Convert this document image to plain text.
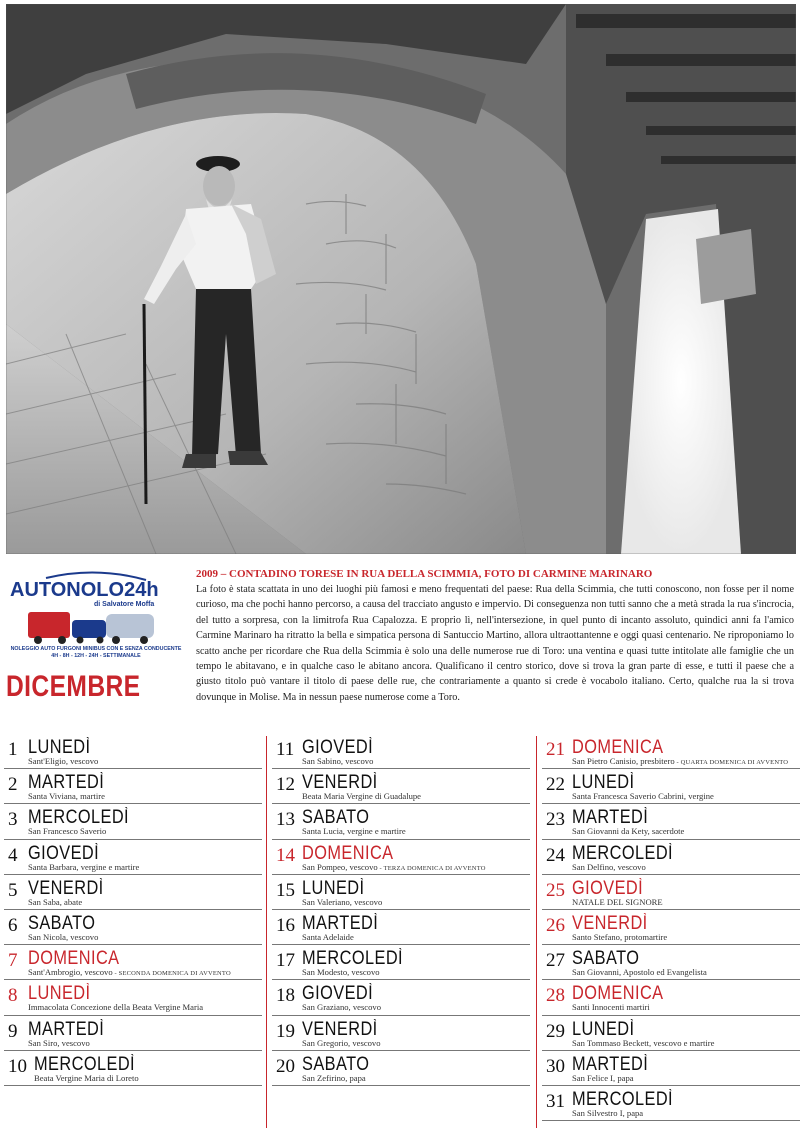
AUTONOLO24h
di Salvatore Moffa
NOLEGGIO AUTO FURGONI MINIBUS CON E SENZA CONDUCENTE
4H - 8H - 12H - 24H - SETTIMANALE
DICEMBRE

2009 – CONTADINO TORESE IN RUA DELLA SCIMMIA, FOTO DI CARMINE MARINARO

La foto è stata scattata in uno dei luoghi più famosi e meno frequentati del paese: Rua della Scimmia, che tutti conoscono, non fosse per il nome curioso, ma che pochi hanno percorso, a causa del tracciato angusto e impervio. Di conseguenza non tutti sanno che a metà strada la rua s'incrocia, del tutto a sorpresa, con la limitrofa Rua Capalozza. E proprio lì, nell'intersezione, in quel punto di incanto assoluto, quindici anni fa l'amico Carmine Marinaro ha ritratto la bella e simpatica persona di Santuccio Martino, allora ultraottantenne e oggi quasi centenario. Ne riproponiamo lo scatto anche per ricordare che Rua della Scimmia è solo una delle numerose rue di Toro: una ventina e quasi tutte intitolate alle famiglie che un tempo le abitavano, e in qualche caso le abitano ancora. Qualificano il centro storico, dove si trova la gran parte di esse, e tutti il paese che a giusto titolo può vantare il titolo di paese delle rue, che contrariamente a quanto si crede è vocabolo italiano. Certo, qualche rua la si trova dovunque in Molise. Ma in nessun paese numerose come a Toro.

1 LUNEDÌ
Sant'Eligio, vescovo
2 MARTEDÌ
Santa Viviana, martire
3 MERCOLEDÌ
San Francesco Saverio
4 GIOVEDÌ
Santa Barbara, vergine e martire
5 VENERDÌ
San Saba, abate
6 SABATO
San Nicola, vescovo
7 DOMENICA
Sant'Ambrogio, vescovo - SECONDA DOMENICA DI AVVENTO
8 LUNEDÌ
Immacolata Concezione della Beata Vergine Maria
9 MARTEDÌ
San Siro, vescovo
10 MERCOLEDÌ
Beata Vergine Maria di Loreto
11 GIOVEDÌ
San Sabino, vescovo
12 VENERDÌ
Beata Maria Vergine di Guadalupe
13 SABATO
Santa Lucia, vergine e martire
14 DOMENICA
San Pompeo, vescovo - TERZA DOMENICA DI AVVENTO
15 LUNEDÌ
San Valeriano, vescovo
16 MARTEDÌ
Santa Adelaide
17 MERCOLEDÌ
San Modesto, vescovo
18 GIOVEDÌ
San Graziano, vescovo
19 VENERDÌ
San Gregorio, vescovo
20 SABATO
San Zefirino, papa
21 DOMENICA
San Pietro Canisio, presbitero - QUARTA DOMENICA DI AVVENTO
22 LUNEDÌ
Santa Francesca Saverio Cabrini, vergine
23 MARTEDÌ
San Giovanni da Kety, sacerdote
24 MERCOLEDÌ
San Delfino, vescovo
25 GIOVEDÌ
NATALE DEL SIGNORE
26 VENERDÌ
Santo Stefano, protomartire
27 SABATO
San Giovanni, Apostolo ed Evangelista
28 DOMENICA
Santi Innocenti martiri
29 LUNEDÌ
San Tommaso Beckett, vescovo e martire
30 MARTEDÌ
San Felice I, papa
31 MERCOLEDÌ
San Silvestro I, papa
